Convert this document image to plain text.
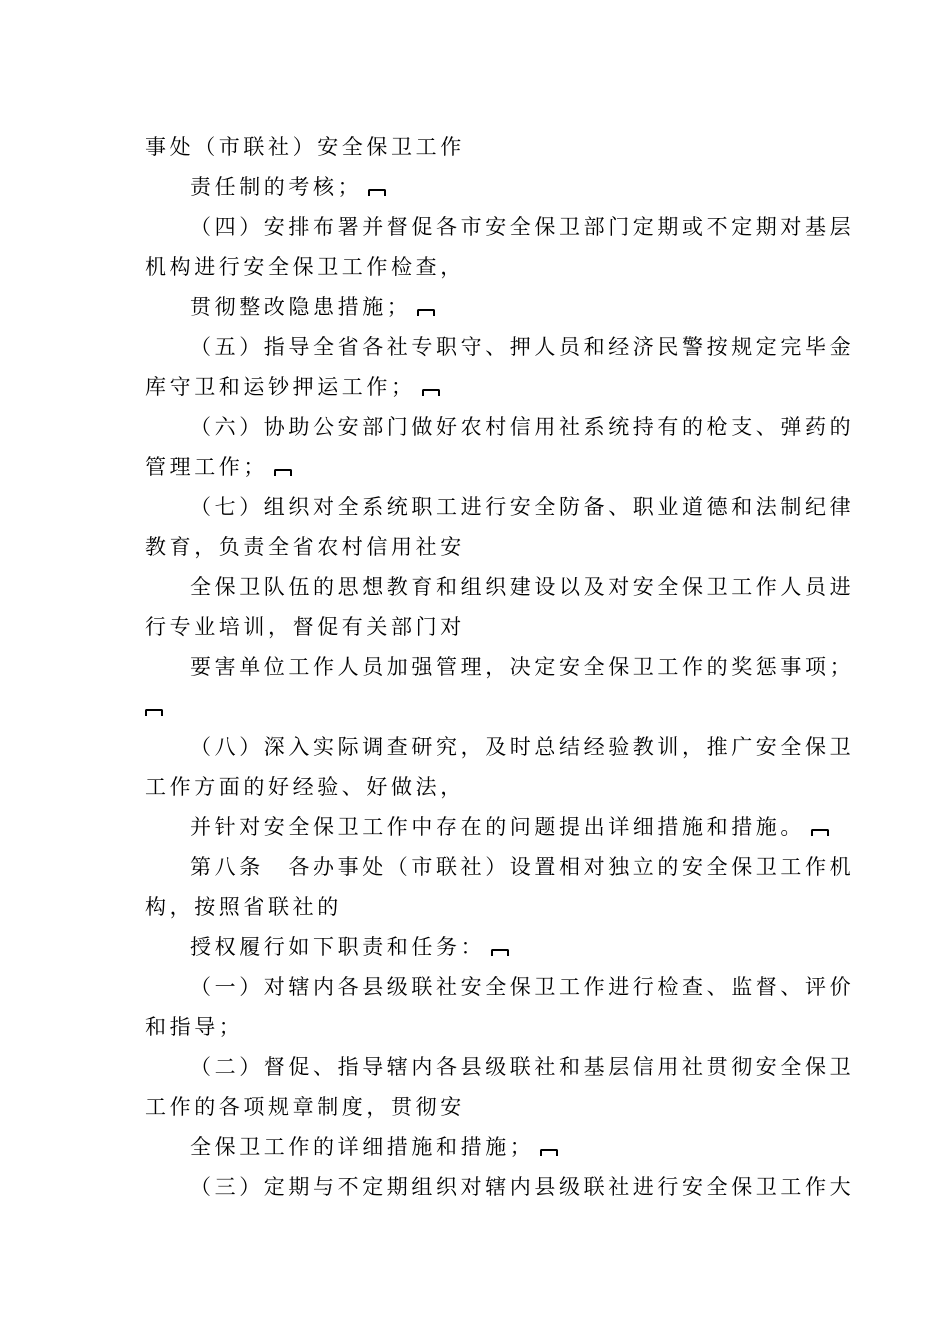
事处（市联社）安全保卫工作
责任制的考核；
（四）安排布署并督促各市安全保卫部门定期或不定期对基层
机构进行安全保卫工作检查，
贯彻整改隐患措施；
（五）指导全省各社专职守、押人员和经济民警按规定完毕金
库守卫和运钞押运工作；
（六）协助公安部门做好农村信用社系统持有的枪支、弹药的
管理工作；
（七）组织对全系统职工进行安全防备、职业道德和法制纪律
教育，负责全省农村信用社安
全保卫队伍的思想教育和组织建设以及对安全保卫工作人员进
行专业培训，督促有关部门对
要害单位工作人员加强管理，决定安全保卫工作的奖惩事项；
（八）深入实际调查研究，及时总结经验教训，推广安全保卫
工作方面的好经验、好做法，
并针对安全保卫工作中存在的问题提出详细措施和措施。
第八条　各办事处（市联社）设置相对独立的安全保卫工作机
构，按照省联社的
授权履行如下职责和任务：
（一）对辖内各县级联社安全保卫工作进行检查、监督、评价
和指导；
（二）督促、指导辖内各县级联社和基层信用社贯彻安全保卫
工作的各项规章制度，贯彻安
全保卫工作的详细措施和措施；
（三）定期与不定期组织对辖内县级联社进行安全保卫工作大
